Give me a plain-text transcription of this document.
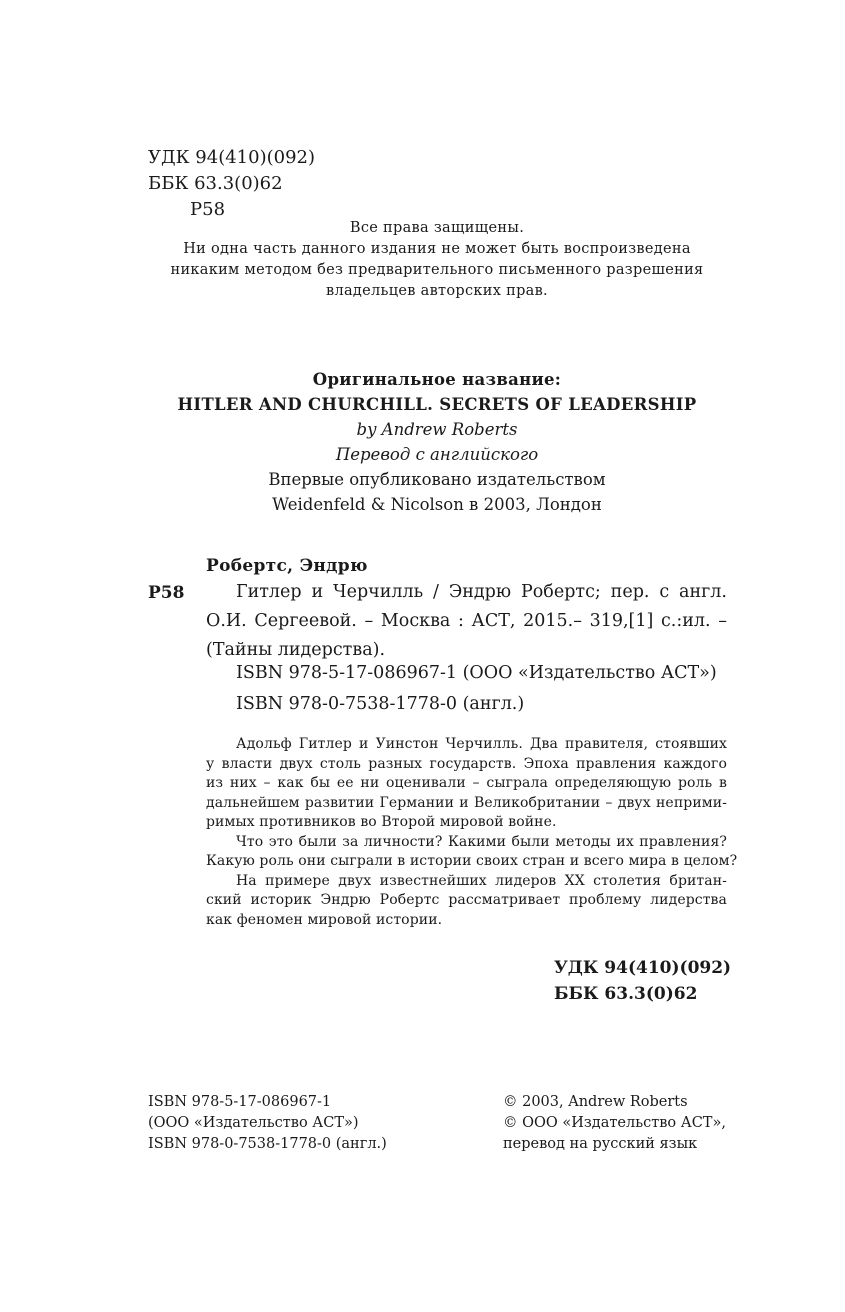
УДК 94(410)(092)
ББК 63.3(0)62
Р58
Все права защищены.
Ни одна часть данного издания не может быть воспроизведена
никаким методом без предварительного письменного разрешения
владельцев авторских прав.
Оригинальное название:
HITLER AND CHURCHILL. SECRETS OF LEADERSHIP
by Andrew Roberts
Перевод с английского
Впервые опубликовано издательством
Weidenfeld & Nicolson в 2003, Лондон
Робертс, Эндрю
Р58	Гитлер и Черчилль / Эндрю Робертс; пер. с англ.
О.И. Сергеевой. – Москва : АСТ, 2015.– 319,[1] с.:ил. –
(Тайны лидерства).
ISBN 978-5-17-086967-1 (ООО «Издательство АСТ»)
ISBN 978-0-7538-1778-0 (англ.)
Адольф Гитлер и Уинстон Черчилль. Два правителя, стоявших
у власти двух столь разных государств. Эпоха правления каждого
из них – как бы ее ни оценивали – сыграла определяющую роль в
дальнейшем развитии Германии и Великобритании – двух неприми-
римых противников во Второй мировой войне.
Что это были за личности? Какими были методы их правления?
Какую роль они сыграли в истории своих стран и всего мира в целом?
На примере двух известнейших лидеров XX столетия британ-
ский историк Эндрю Робертс рассматривает проблему лидерства
как феномен мировой истории.
УДК 94(410)(092)
ББК 63.3(0)62
ISBN 978-5-17-086967-1
(ООО «Издательство АСТ»)
ISBN 978-0-7538-1778-0 (англ.)
© 2003, Andrew Roberts
© ООО «Издательство АСТ»,
перевод на русский язык
